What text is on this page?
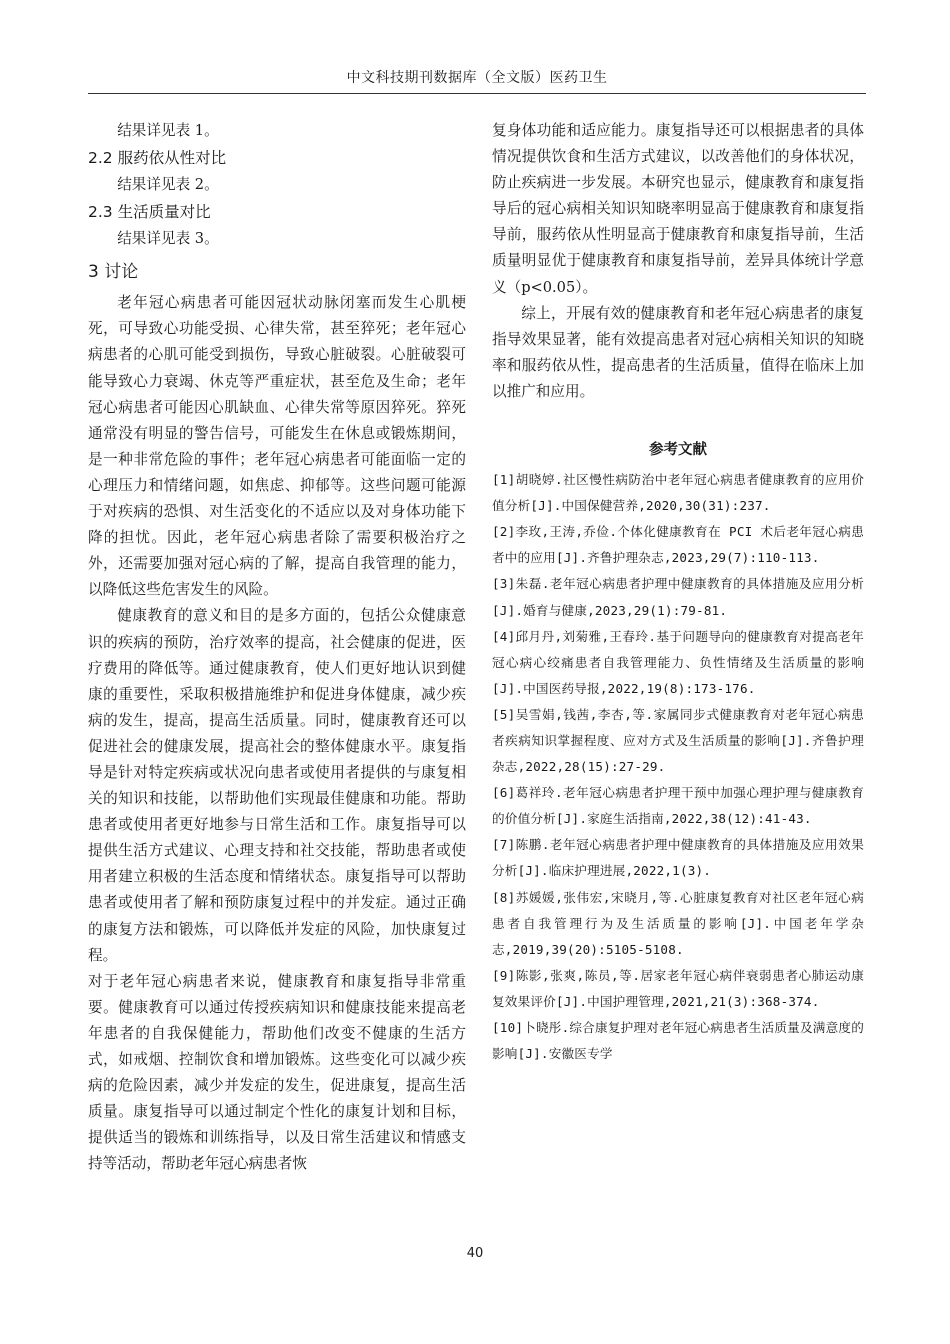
中文科技期刊数据库（全文版）医药卫生

结果详见表 1。

2.2 服药依从性对比

结果详见表 2。

2.3 生活质量对比

结果详见表 3。

3 讨论

老年冠心病患者可能因冠状动脉闭塞而发生心肌梗死，可导致心功能受损、心律失常，甚至猝死；老年冠心病患者的心肌可能受到损伤，导致心脏破裂。心脏破裂可能导致心力衰竭、休克等严重症状，甚至危及生命；老年冠心病患者可能因心肌缺血、心律失常等原因猝死。猝死通常没有明显的警告信号，可能发生在休息或锻炼期间，是一种非常危险的事件；老年冠心病患者可能面临一定的心理压力和情绪问题，如焦虑、抑郁等。这些问题可能源于对疾病的恐惧、对生活变化的不适应以及对身体功能下降的担忧。因此，老年冠心病患者除了需要积极治疗之外，还需要加强对冠心病的了解，提高自我管理的能力，以降低这些危害发生的风险。

健康教育的意义和目的是多方面的，包括公众健康意识的疾病的预防，治疗效率的提高，社会健康的促进，医疗费用的降低等。通过健康教育，使人们更好地认识到健康的重要性，采取积极措施维护和促进身体健康，减少疾病的发生，提高，提高生活质量。同时，健康教育还可以促进社会的健康发展，提高社会的整体健康水平。康复指导是针对特定疾病或状况向患者或使用者提供的与康复相关的知识和技能，以帮助他们实现最佳健康和功能。帮助患者或使用者更好地参与日常生活和工作。康复指导可以提供生活方式建议、心理支持和社交技能，帮助患者或使用者建立积极的生活态度和情绪状态。康复指导可以帮助患者或使用者了解和预防康复过程中的并发症。通过正确的康复方法和锻炼，可以降低并发症的风险，加快康复过程。

对于老年冠心病患者来说，健康教育和康复指导非常重要。健康教育可以通过传授疾病知识和健康技能来提高老年患者的自我保健能力，帮助他们改变不健康的生活方式，如戒烟、控制饮食和增加锻炼。这些变化可以减少疾病的危险因素，减少并发症的发生，促进康复，提高生活质量。康复指导可以通过制定个性化的康复计划和目标，提供适当的锻炼和训练指导，以及日常生活建议和情感支持等活动，帮助老年冠心病患者恢

复身体功能和适应能力。康复指导还可以根据患者的具体情况提供饮食和生活方式建议，以改善他们的身体状况，防止疾病进一步发展。本研究也显示，健康教育和康复指导后的冠心病相关知识知晓率明显高于健康教育和康复指导前，服药依从性明显高于健康教育和康复指导前，生活质量明显优于健康教育和康复指导前，差异具体统计学意义（p<0.05）。

综上，开展有效的健康教育和老年冠心病患者的康复指导效果显著，能有效提高患者对冠心病相关知识的知晓率和服药依从性，提高患者的生活质量，值得在临床上加以推广和应用。

参考文献

[1]胡晓婷.社区慢性病防治中老年冠心病患者健康教育的应用价值分析[J].中国保健营养,2020,30(31):237.

[2]李玫,王涛,乔俭.个体化健康教育在 PCI 术后老年冠心病患者中的应用[J].齐鲁护理杂志,2023,29(7):110-113.

[3]朱磊.老年冠心病患者护理中健康教育的具体措施及应用分析[J].婚育与健康,2023,29(1):79-81.

[4]邱月丹,刘菊雅,王春玲.基于问题导向的健康教育对提高老年冠心病心绞痛患者自我管理能力、负性情绪及生活质量的影响[J].中国医药导报,2022,19(8):173-176.

[5]吴雪娟,钱茜,李杏,等.家属同步式健康教育对老年冠心病患者疾病知识掌握程度、应对方式及生活质量的影响[J].齐鲁护理杂志,2022,28(15):27-29.

[6]葛祥玲.老年冠心病患者护理干预中加强心理护理与健康教育的价值分析[J].家庭生活指南,2022,38(12):41-43.

[7]陈鹏.老年冠心病患者护理中健康教育的具体措施及应用效果分析[J].临床护理进展,2022,1(3).

[8]苏媛媛,张伟宏,宋晓月,等.心脏康复教育对社区老年冠心病患者自我管理行为及生活质量的影响[J].中国老年学杂志,2019,39(20):5105-5108.

[9]陈影,张爽,陈员,等.居家老年冠心病伴衰弱患者心肺运动康复效果评价[J].中国护理管理,2021,21(3):368-374.

[10]卜晓彤.综合康复护理对老年冠心病患者生活质量及满意度的影响[J].安徽医专学

40
